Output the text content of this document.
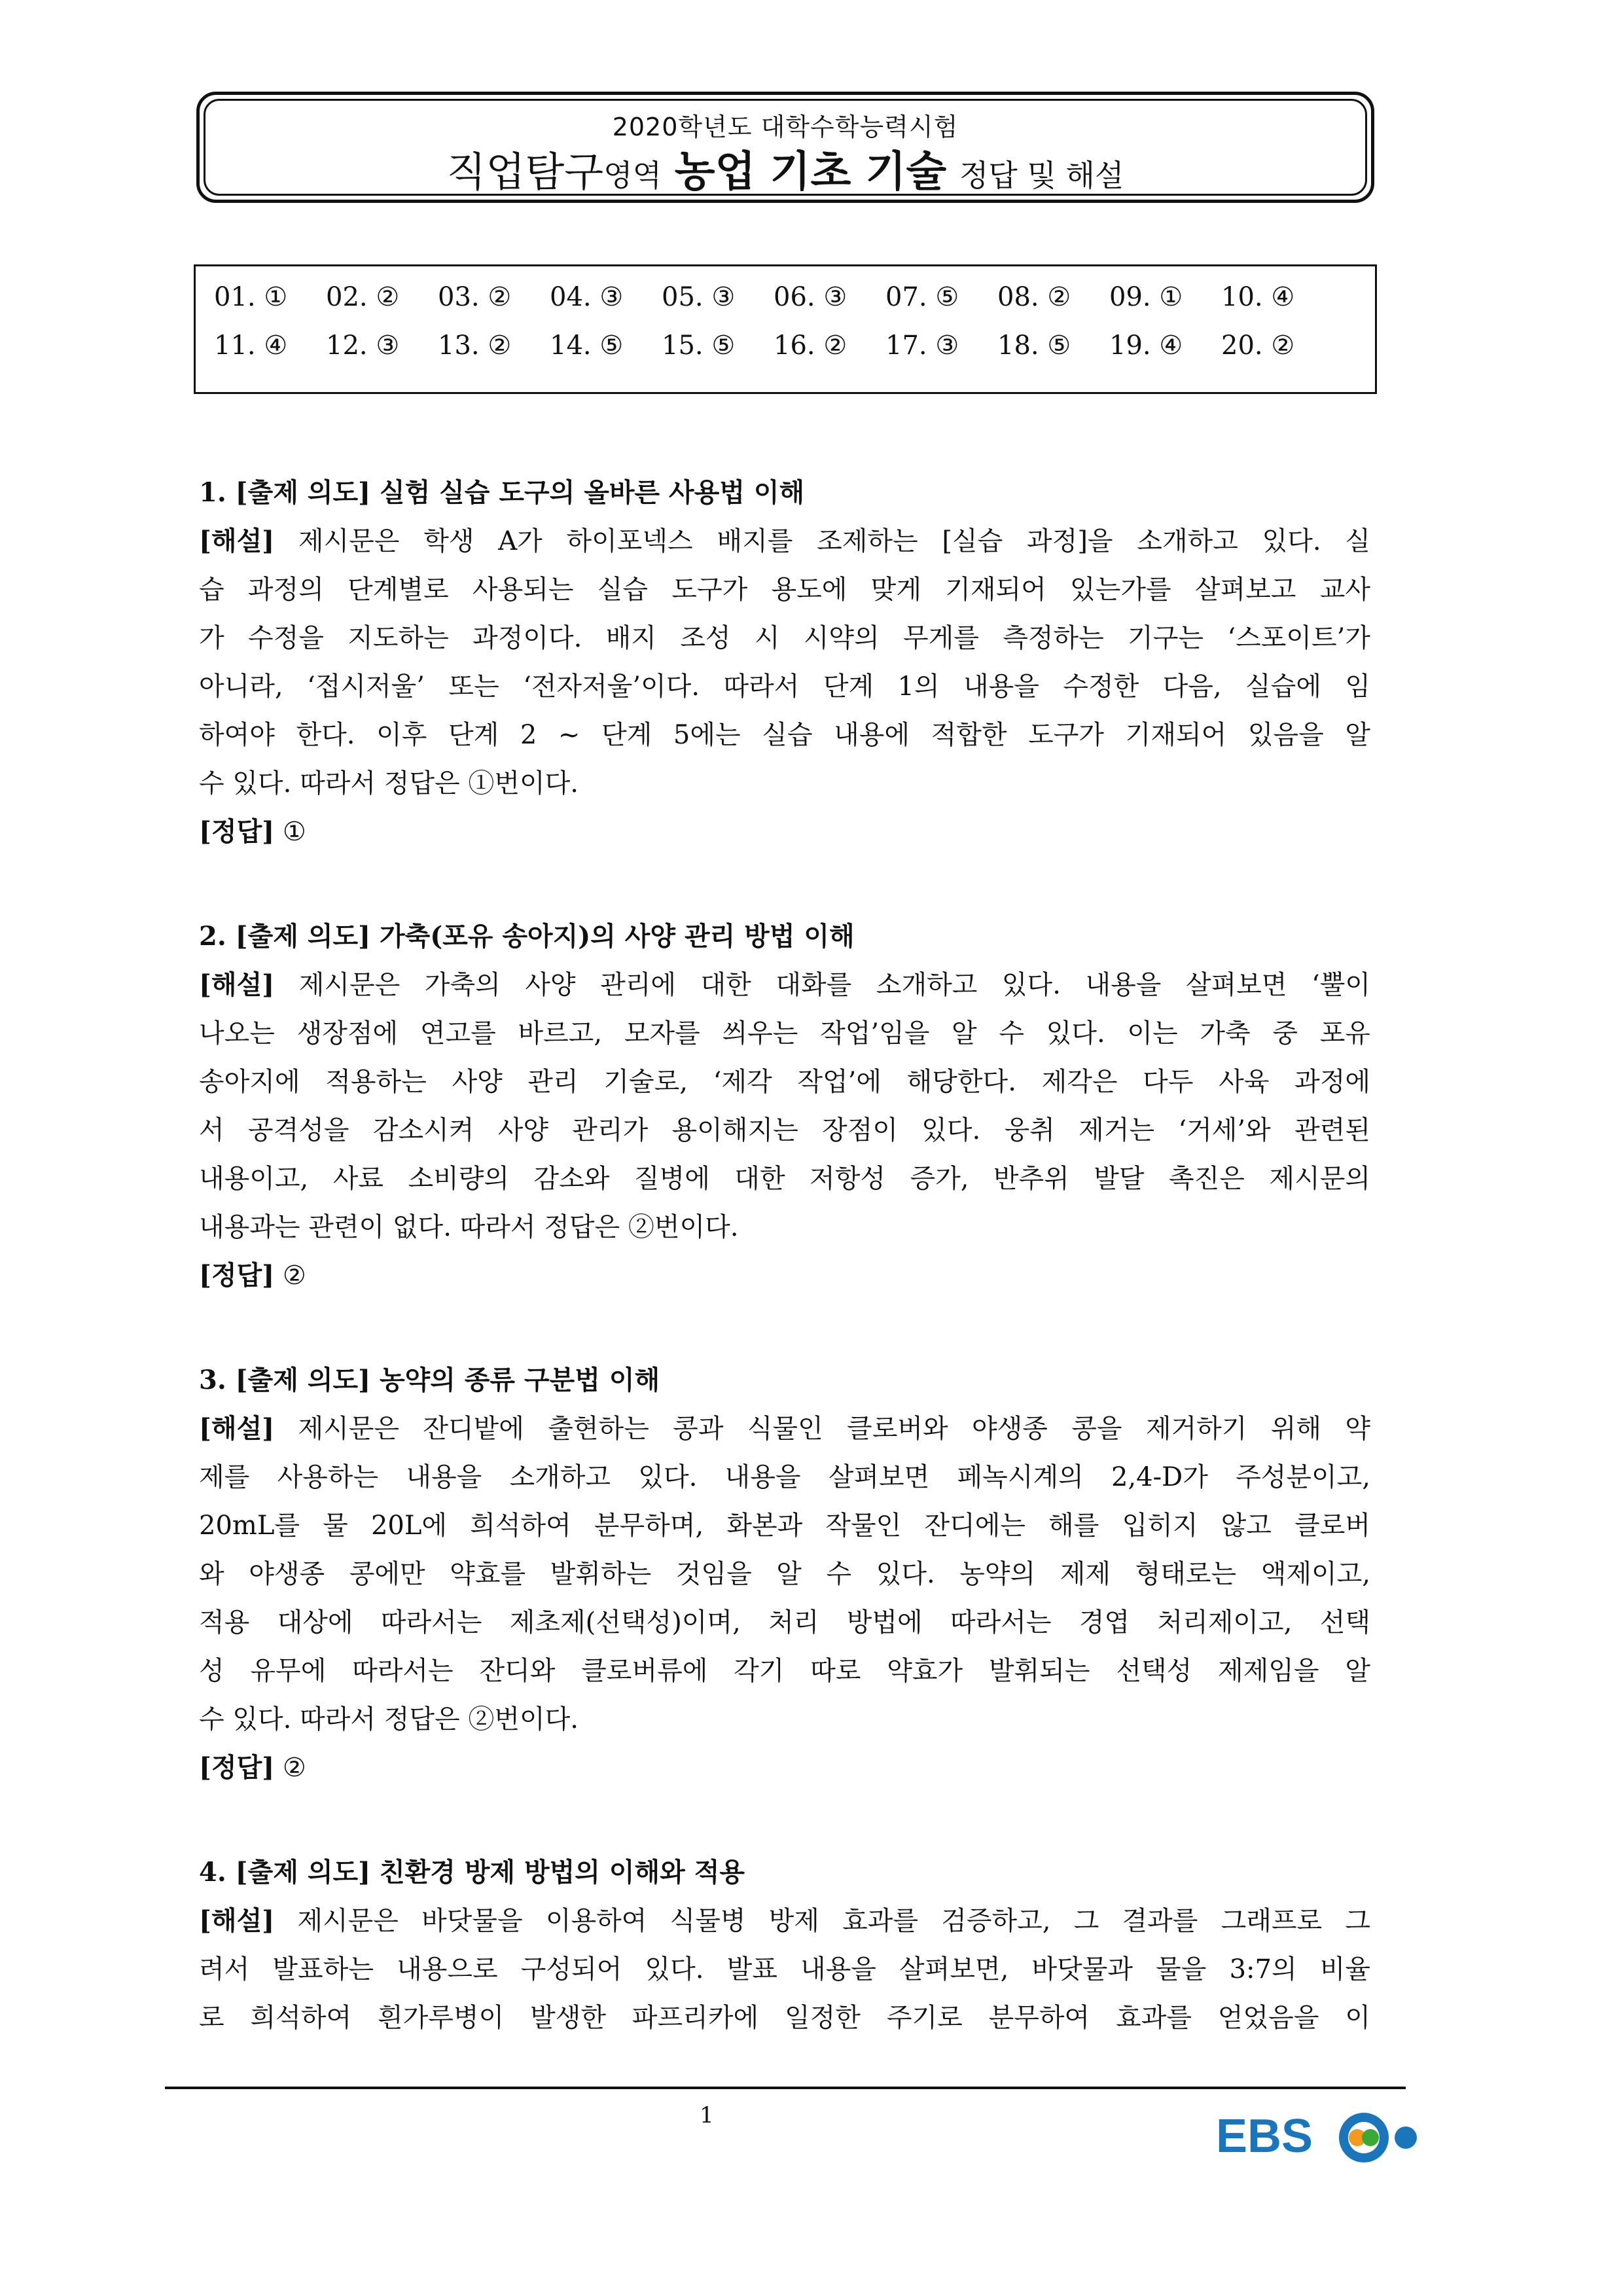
2020학년도 대학수학능력시험
직업탐구영역 농업 기초 기술 정답 및 해설
01. ① 02. ② 03. ② 04. ③ 05. ③ 06. ③ 07. ⑤ 08. ② 09. ① 10. ④
11. ④ 12. ③ 13. ② 14. ⑤ 15. ⑤ 16. ② 17. ③ 18. ⑤ 19. ④ 20. ②
1. [출제 의도] 실험 실습 도구의 올바른 사용법 이해
[해설] 제시문은 학생 A가 하이포넥스 배지를 조제하는 [실습 과정]을 소개하고 있다. 실
습 과정의 단계별로 사용되는 실습 도구가 용도에 맞게 기재되어 있는가를 살펴보고 교사
가 수정을 지도하는 과정이다. 배지 조성 시 시약의 무게를 측정하는 기구는 ‘스포이트’가
아니라, ‘접시저울’ 또는 ‘전자저울’이다. 따라서 단계 1의 내용을 수정한 다음, 실습에 임
하여야 한다. 이후 단계 2 ~ 단계 5에는 실습 내용에 적합한 도구가 기재되어 있음을 알
수 있다. 따라서 정답은 ①번이다.
[정답] ①
2. [출제 의도] 가축(포유 송아지)의 사양 관리 방법 이해
[해설] 제시문은 가축의 사양 관리에 대한 대화를 소개하고 있다. 내용을 살펴보면 ‘뿔이
나오는 생장점에 연고를 바르고, 모자를 씌우는 작업’임을 알 수 있다. 이는 가축 중 포유
송아지에 적용하는 사양 관리 기술로, ‘제각 작업’에 해당한다. 제각은 다두 사육 과정에
서 공격성을 감소시켜 사양 관리가 용이해지는 장점이 있다. 웅취 제거는 ‘거세’와 관련된
내용이고, 사료 소비량의 감소와 질병에 대한 저항성 증가, 반추위 발달 촉진은 제시문의
내용과는 관련이 없다. 따라서 정답은 ②번이다.
[정답] ②
3. [출제 의도] 농약의 종류 구분법 이해
[해설] 제시문은 잔디밭에 출현하는 콩과 식물인 클로버와 야생종 콩을 제거하기 위해 약
제를 사용하는 내용을 소개하고 있다. 내용을 살펴보면 페녹시계의 2,4-D가 주성분이고,
20mL를 물 20L에 희석하여 분무하며, 화본과 작물인 잔디에는 해를 입히지 않고 클로버
와 야생종 콩에만 약효를 발휘하는 것임을 알 수 있다. 농약의 제제 형태로는 액제이고,
적용 대상에 따라서는 제초제(선택성)이며, 처리 방법에 따라서는 경엽 처리제이고, 선택
성 유무에 따라서는 잔디와 클로버류에 각기 따로 약효가 발휘되는 선택성 제제임을 알
수 있다. 따라서 정답은 ②번이다.
[정답] ②
4. [출제 의도] 친환경 방제 방법의 이해와 적용
[해설] 제시문은 바닷물을 이용하여 식물병 방제 효과를 검증하고, 그 결과를 그래프로 그
려서 발표하는 내용으로 구성되어 있다. 발표 내용을 살펴보면, 바닷물과 물을 3:7의 비율
로 희석하여 흰가루병이 발생한 파프리카에 일정한 주기로 분무하여 효과를 얻었음을 이
1	EBS
